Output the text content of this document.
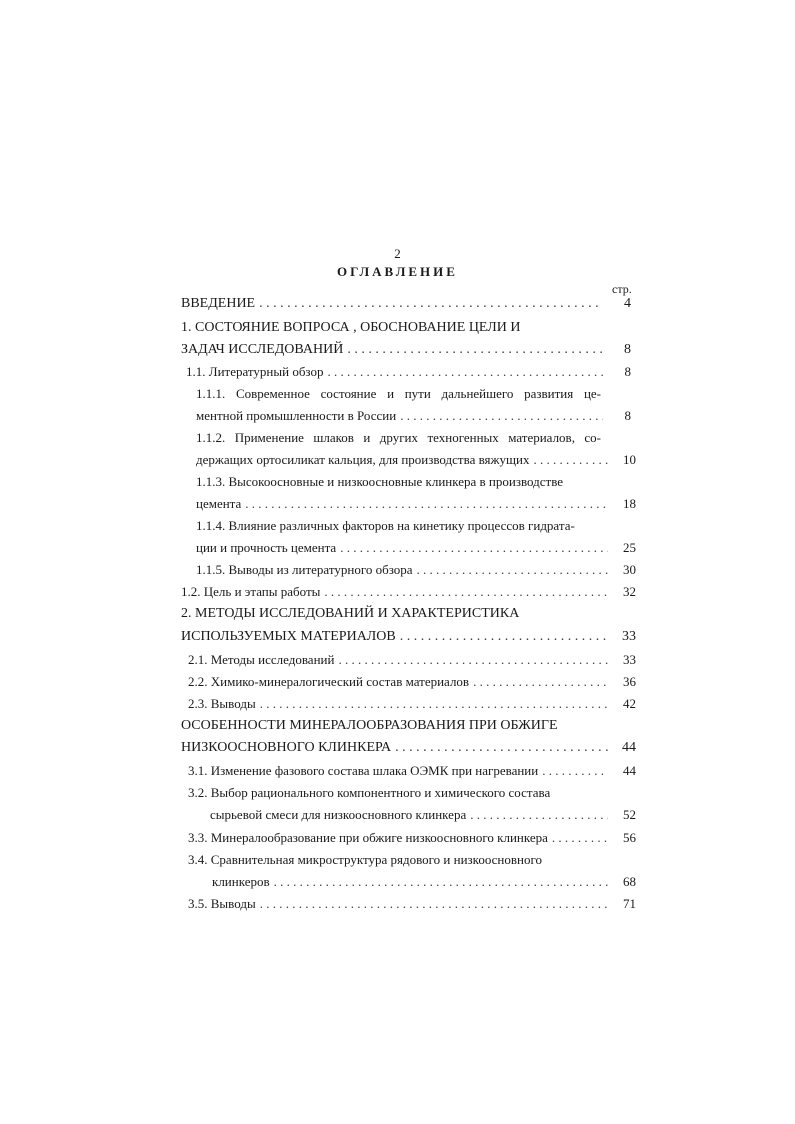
2
ОГЛАВЛЕНИЕ
стр.
ВВЕДЕНИЕ . . .	4
1. СОСТОЯНИЕ ВОПРОСА , ОБОСНОВАНИЕ ЦЕЛИ И
ЗАДАЧ ИССЛЕДОВАНИЙ . . .	8
1.1. Литературный обзор . . .	8
1.1.1. Современное состояние и пути дальнейшего развития це-
ментной промышленности в России . . .	8
1.1.2. Применение шлаков и других техногенных материалов, со-
держащих ортосиликат кальция, для производства вяжущих . . .	10
1.1.3. Высокоосновные и низкоосновные клинкера в производстве
цемента . . .	18
1.1.4. Влияние различных факторов на кинетику процессов гидрата-
ции и прочность цемента . . .	25
1.1.5. Выводы из литературного обзора . . .	30
1.2. Цель и этапы работы . . .	32
2. МЕТОДЫ ИССЛЕДОВАНИЙ И ХАРАКТЕРИСТИКА
ИСПОЛЬЗУЕМЫХ МАТЕРИАЛОВ . . .	33
2.1. Методы исследований . . .	33
2.2. Химико-минералогический состав материалов . . .	36
2.3. Выводы . . .	42
ОСОБЕННОСТИ МИНЕРАЛООБРАЗОВАНИЯ ПРИ ОБЖИГЕ
НИЗКООСНОВНОГО КЛИНКЕРА . . .	44
3.1. Изменение фазового состава шлака ОЭМК при нагревании . . .	44
3.2. Выбор рационального компонентного и химического состава
сырьевой смеси для низкоосновного клинкера . . .	52
3.3. Минералообразование при обжиге низкоосновного клинкера . . .	56
3.4. Сравнительная микроструктура рядового и низкоосновного
клинкеров . . .	68
3.5. Выводы . . .	71
